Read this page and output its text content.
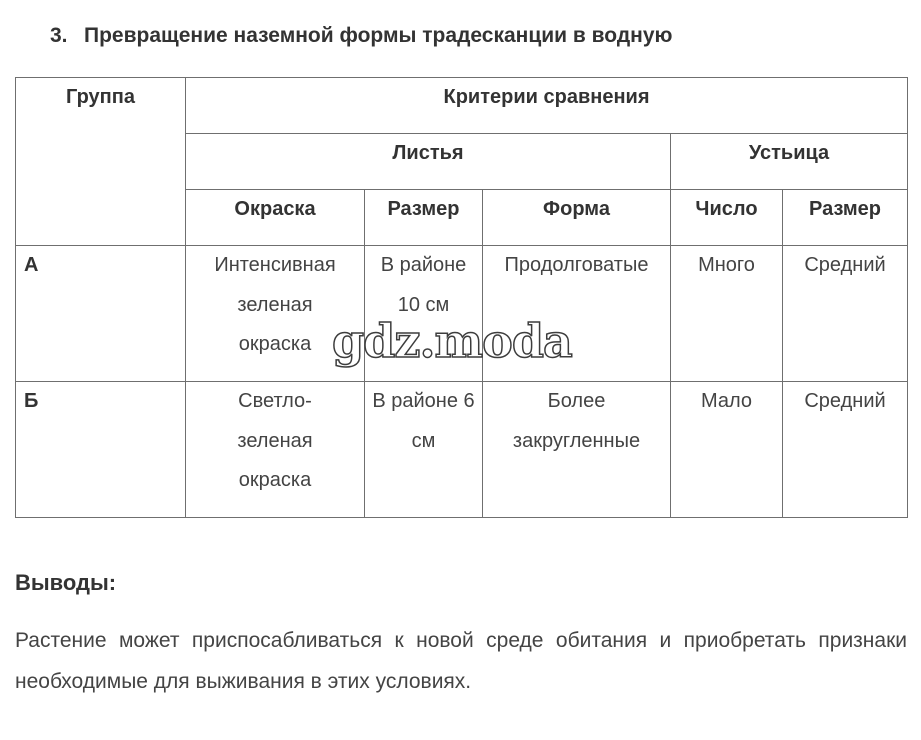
3. Превращение наземной формы традесканции в водную
Группа	Критерии сравнения				
	Листья			Устьица	
	Окраска	Размер	Форма	Число	Размер
А	Интенсивная зеленая окраска	В районе 10 см	Продолговатые	Много	Средний
Б	Светло-зеленая окраска	В районе 6 см	Более закругленные	Мало	Средний
gdz.moda
Выводы:
Растение может приспосабливаться к новой среде обитания и приобретать признаки необходимые для выживания в этих условиях.
